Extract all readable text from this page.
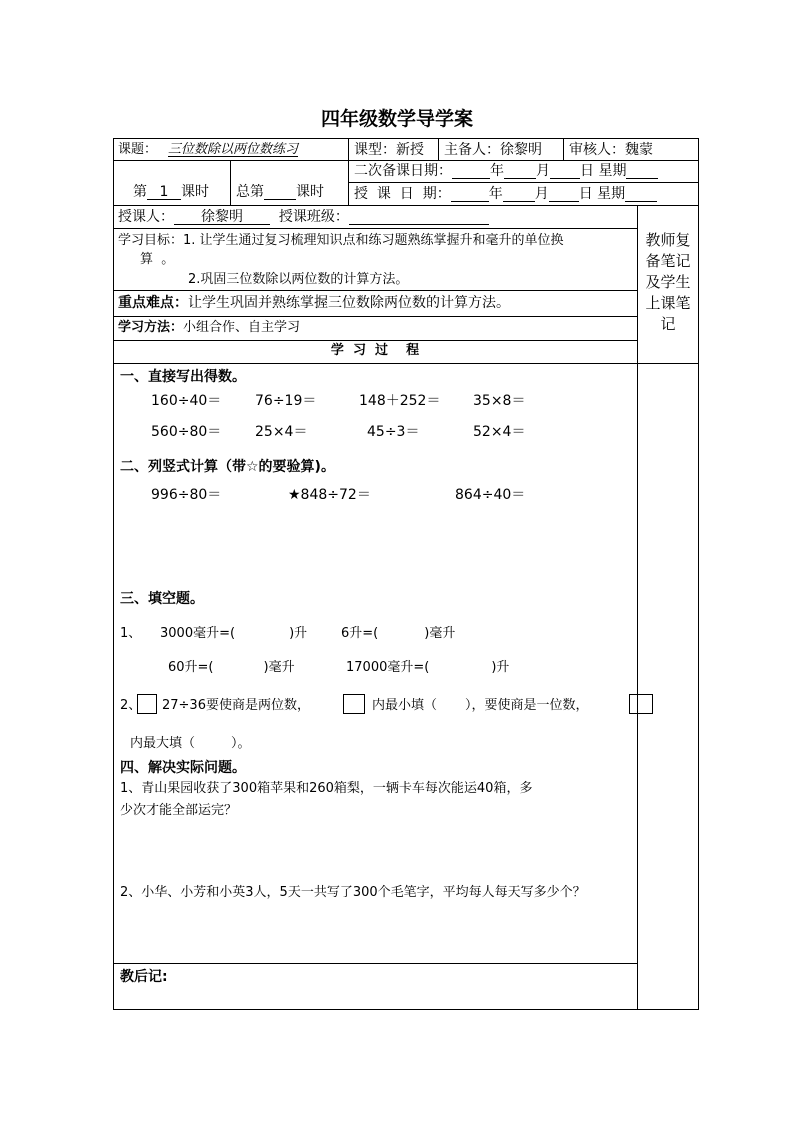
四年级数学导学案
课题： 三位数除以两位数练习	课型：新授 主备人：徐黎明 审核人：魏蒙
第 1 课时 总第 课时
二次备课日期：	年 月 日 星期
授  课  日  期：	年 月 日 星期
授课人： 徐黎明	授课班级：
学习目标：1. 让学生通过复习梳理知识点和练习题熟练掌握升和毫升的单位换
算  。
2.巩固三位数除以两位数的计算方法。
重点难点：让学生巩固并熟练掌握三位数除两位数的计算方法。
学习方法：小组合作、自主学习
学  习  过    程
教师复
备笔记
及学生
上课笔
记
一、直接写出得数。
160÷40＝ 76÷19＝	148＋252＝ 35×8＝
560÷80＝ 25×4＝	45÷3＝	52×4＝
二、列竖式计算（带☆的要验算)。
996÷80＝	★848÷72＝	864÷40＝
三、填空题。
1、 3000毫升=(	)升	6升=(	)毫升
60升=(	)毫升	17000毫升=(	)升
2、 27÷36要使商是两位数，	内最小填（ ），要使商是一位数，
内最大填（	）。
四、解决实际问题。
1、青山果园收获了300箱苹果和260箱梨，一辆卡车每次能运40箱，多
少次才能全部运完？
2、小华、小芳和小英3人，5天一共写了300个毛笔字，平均每人每天写多少个？
教后记:
